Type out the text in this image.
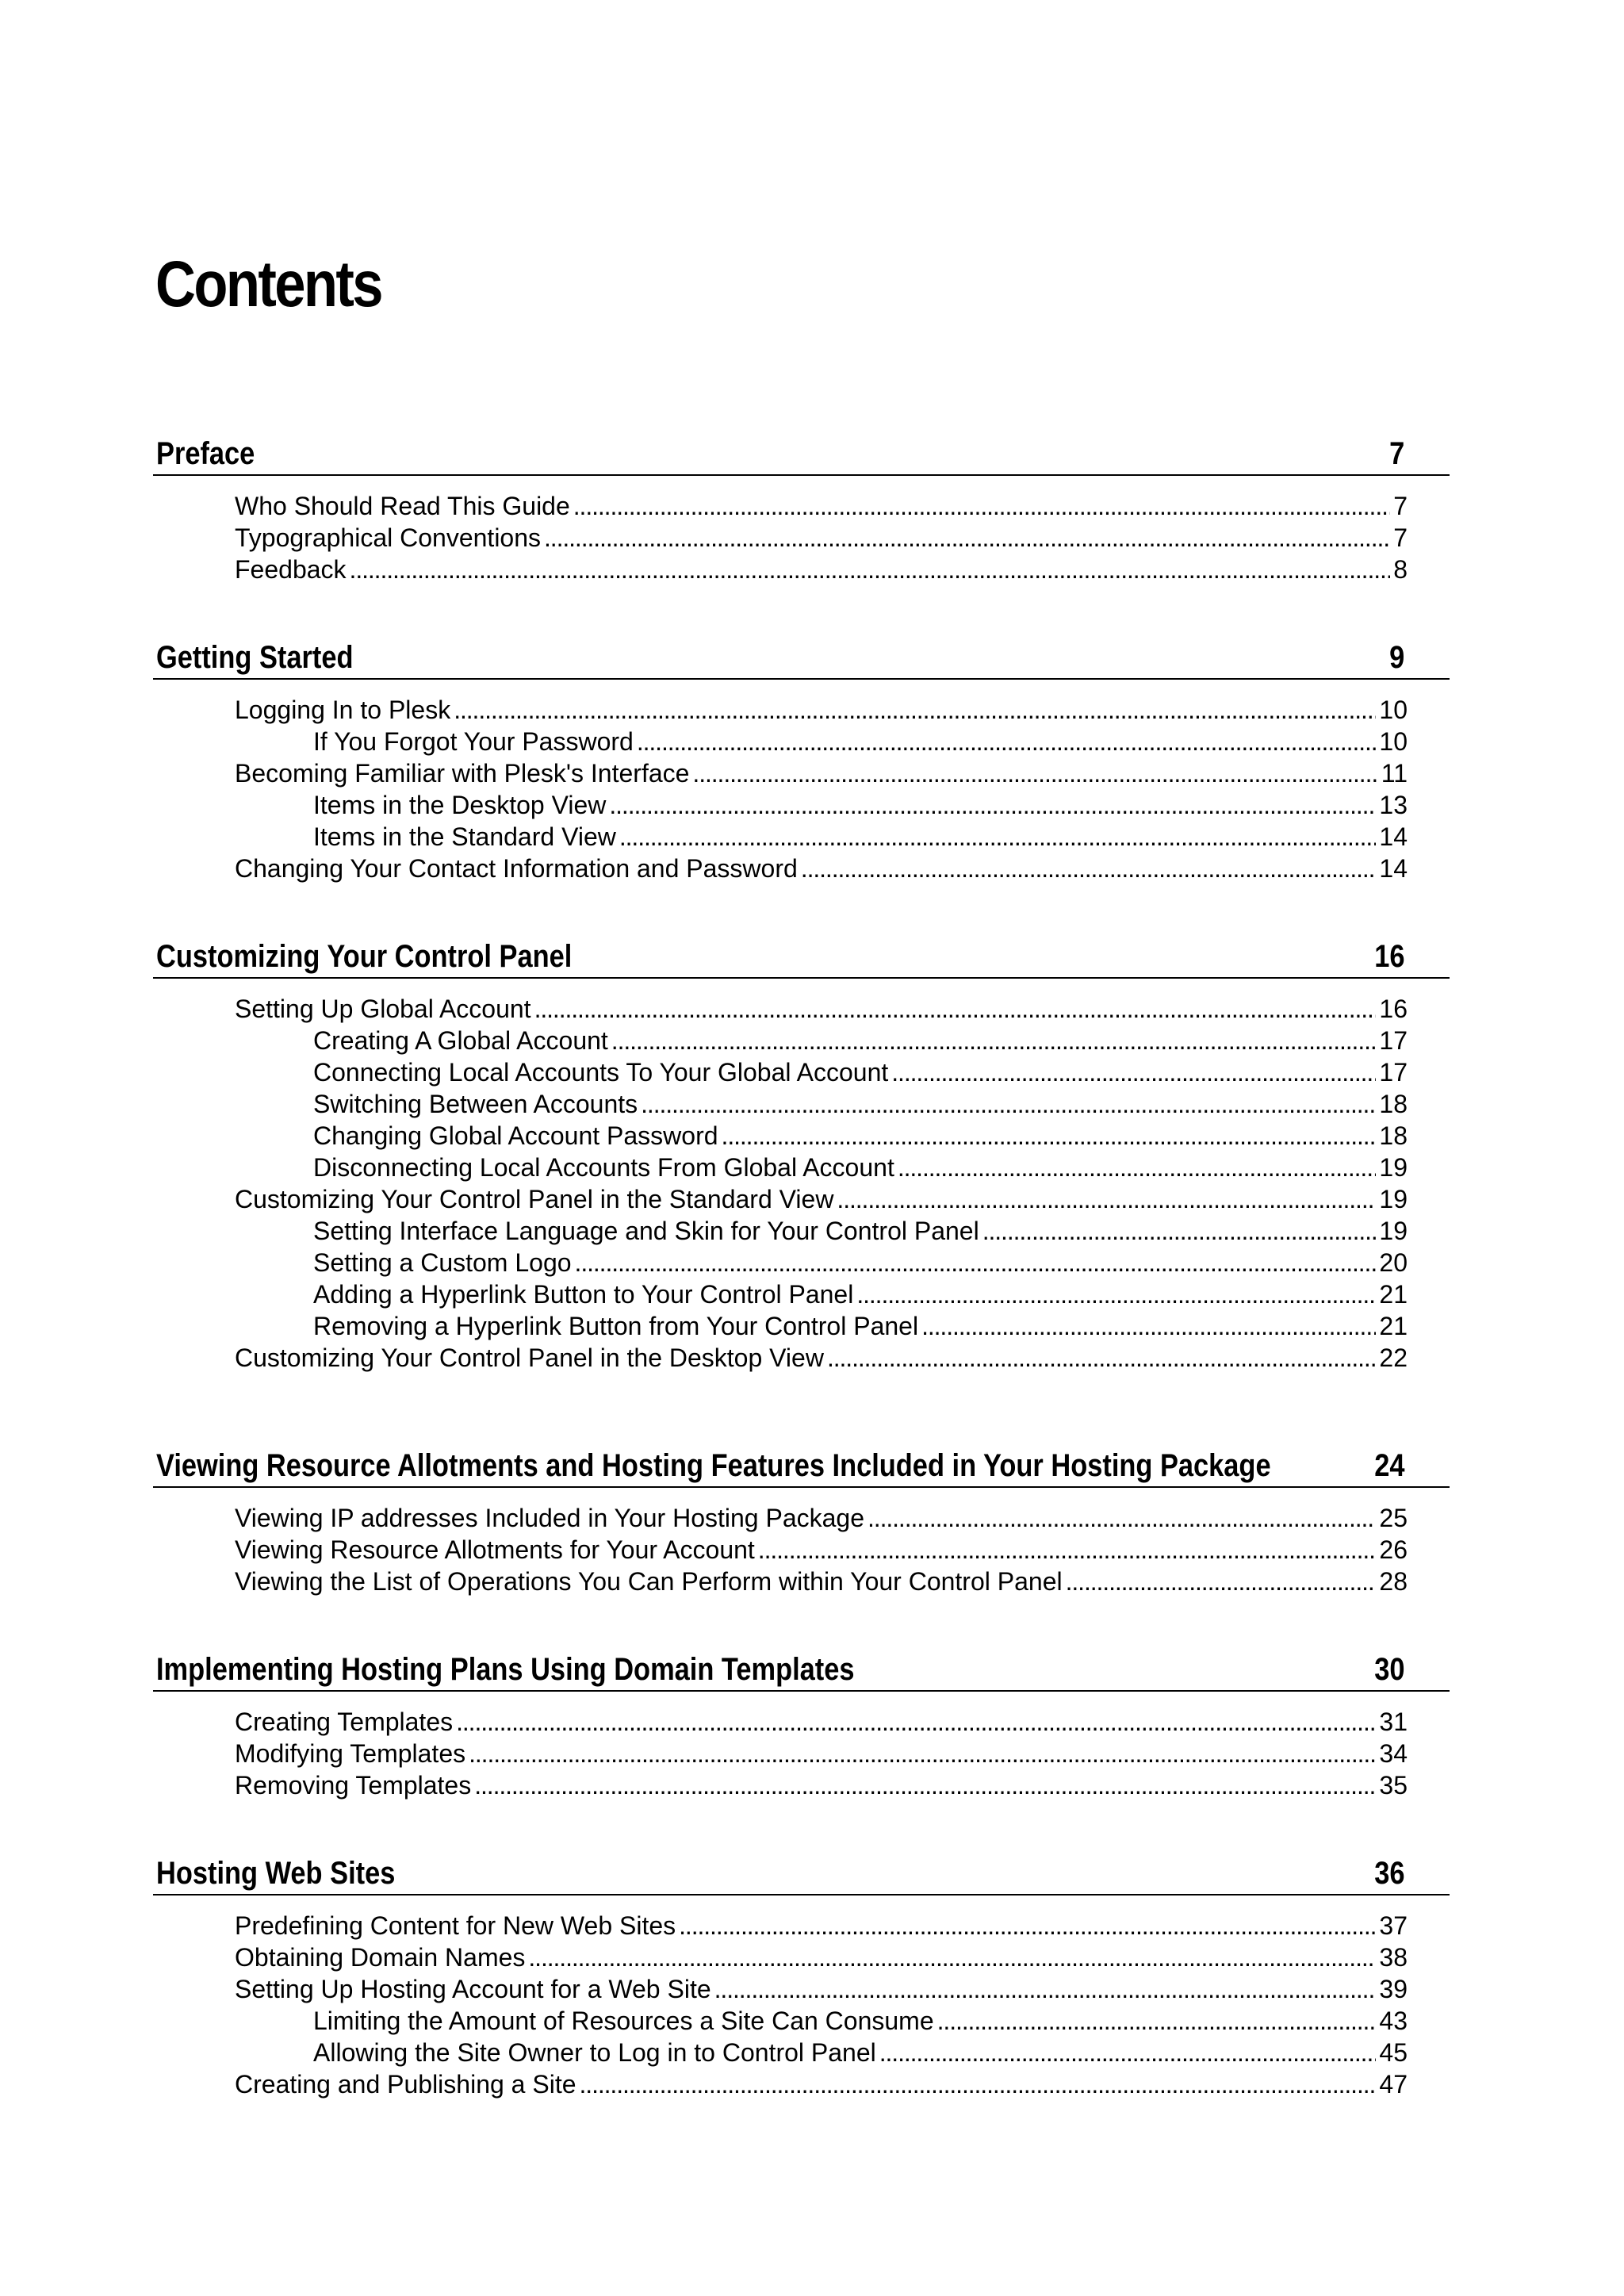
Contents
Preface	7
Who Should Read This Guide . . .	7
Typographical Conventions . . .	7
Feedback . . .	8
Getting Started	9
Logging In to Plesk . . .	10
If You Forgot Your Password . . .	10
Becoming Familiar with Plesk's Interface . . .	11
Items in the Desktop View . . .	13
Items in the Standard View . . .	14
Changing Your Contact Information and Password . . .	14
Customizing Your Control Panel	16
Setting Up Global Account . . .	16
Creating A Global Account . . .	17
Connecting Local Accounts To Your Global Account . . .	17
Switching Between Accounts . . .	18
Changing Global Account Password . . .	18
Disconnecting Local Accounts From Global Account . . .	19
Customizing Your Control Panel in the Standard View . . .	19
Setting Interface Language and Skin for Your Control Panel . . .	19
Setting a Custom Logo . . .	20
Adding a Hyperlink Button to Your Control Panel . . .	21
Removing a Hyperlink Button from Your Control Panel . . .	21
Customizing Your Control Panel in the Desktop View . . .	22
Viewing Resource Allotments and Hosting Features Included in Your Hosting Package	24
Viewing IP addresses Included in Your Hosting Package . . .	25
Viewing Resource Allotments for Your Account . . .	26
Viewing the List of Operations You Can Perform within Your Control Panel . . .	28
Implementing Hosting Plans Using Domain Templates	30
Creating Templates . . .	31
Modifying Templates . . .	34
Removing Templates . . .	35
Hosting Web Sites	36
Predefining Content for New Web Sites . . .	37
Obtaining Domain Names . . .	38
Setting Up Hosting Account for a Web Site . . .	39
Limiting the Amount of Resources a Site Can Consume . . .	43
Allowing the Site Owner to Log in to Control Panel . . .	45
Creating and Publishing a Site . . .	47
